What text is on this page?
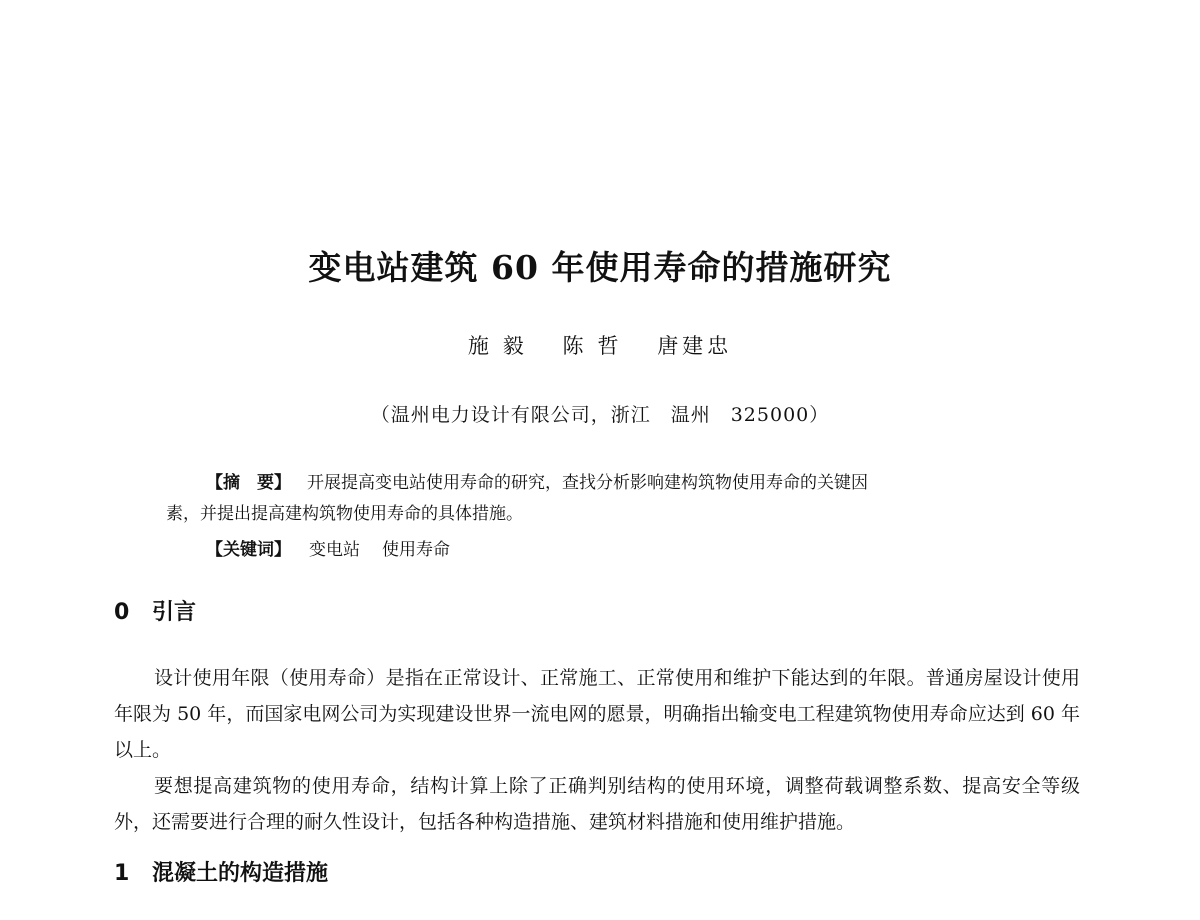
变电站建筑 60 年使用寿命的措施研究
施毅 陈哲 唐建忠
（温州电力设计有限公司，浙江　温州　325000）
【摘　要】 开展提高变电站使用寿命的研究，查找分析影响建构筑物使用寿命的关键因
素，并提出提高建构筑物使用寿命的具体措施。
【关键词】 变电站 使用寿命
0 引言

设计使用年限（使用寿命）是指在正常设计、正常施工、正常使用和维护下能达到的年限。普通房屋设计使用年限为 50 年，而国家电网公司为实现建设世界一流电网的愿景，明确指出输变电工程建筑物使用寿命应达到 60 年以上。

要想提高建筑物的使用寿命，结构计算上除了正确判别结构的使用环境，调整荷载调整系数、提高安全等级外，还需要进行合理的耐久性设计，包括各种构造措施、建筑材料措施和使用维护措施。

1 混凝土的构造措施
